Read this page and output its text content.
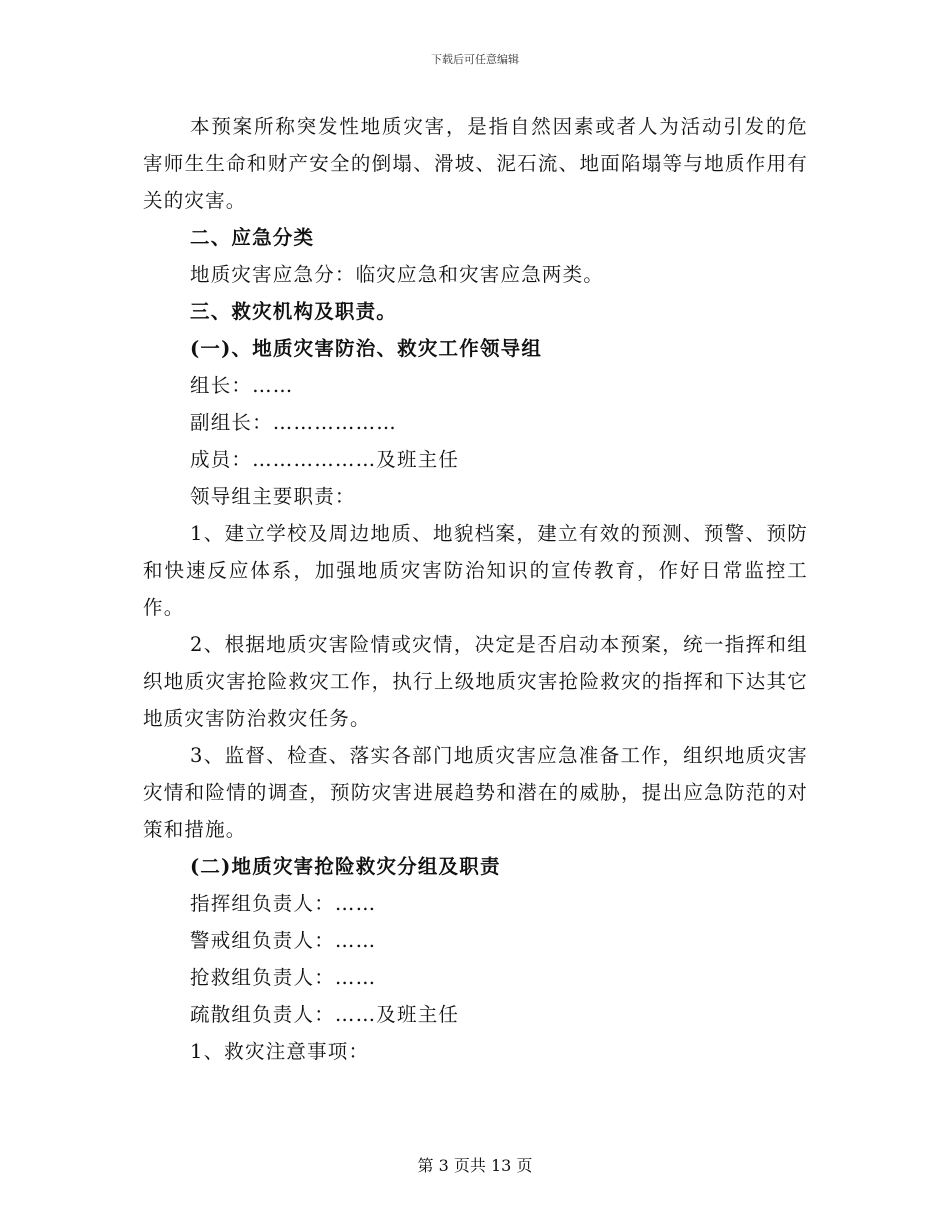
下载后可任意编辑

本预案所称突发性地质灾害，是指自然因素或者人为活动引发的危害师生生命和财产安全的倒塌、滑坡、泥石流、地面陷塌等与地质作用有关的灾害。

二、应急分类

地质灾害应急分：临灾应急和灾害应急两类。

三、救灾机构及职责。

(一)、地质灾害防治、救灾工作领导组

组长：……

副组长：………………

成员：………………及班主任

领导组主要职责：

1、建立学校及周边地质、地貌档案，建立有效的预测、预警、预防和快速反应体系，加强地质灾害防治知识的宣传教育，作好日常监控工作。

2、根据地质灾害险情或灾情，决定是否启动本预案，统一指挥和组织地质灾害抢险救灾工作，执行上级地质灾害抢险救灾的指挥和下达其它地质灾害防治救灾任务。

3、监督、检查、落实各部门地质灾害应急准备工作，组织地质灾害灾情和险情的调查，预防灾害进展趋势和潜在的威胁，提出应急防范的对策和措施。

(二)地质灾害抢险救灾分组及职责

指挥组负责人：……

警戒组负责人：……

抢救组负责人：……

疏散组负责人：……及班主任

1、救灾注意事项：

第 3 页共 13 页
